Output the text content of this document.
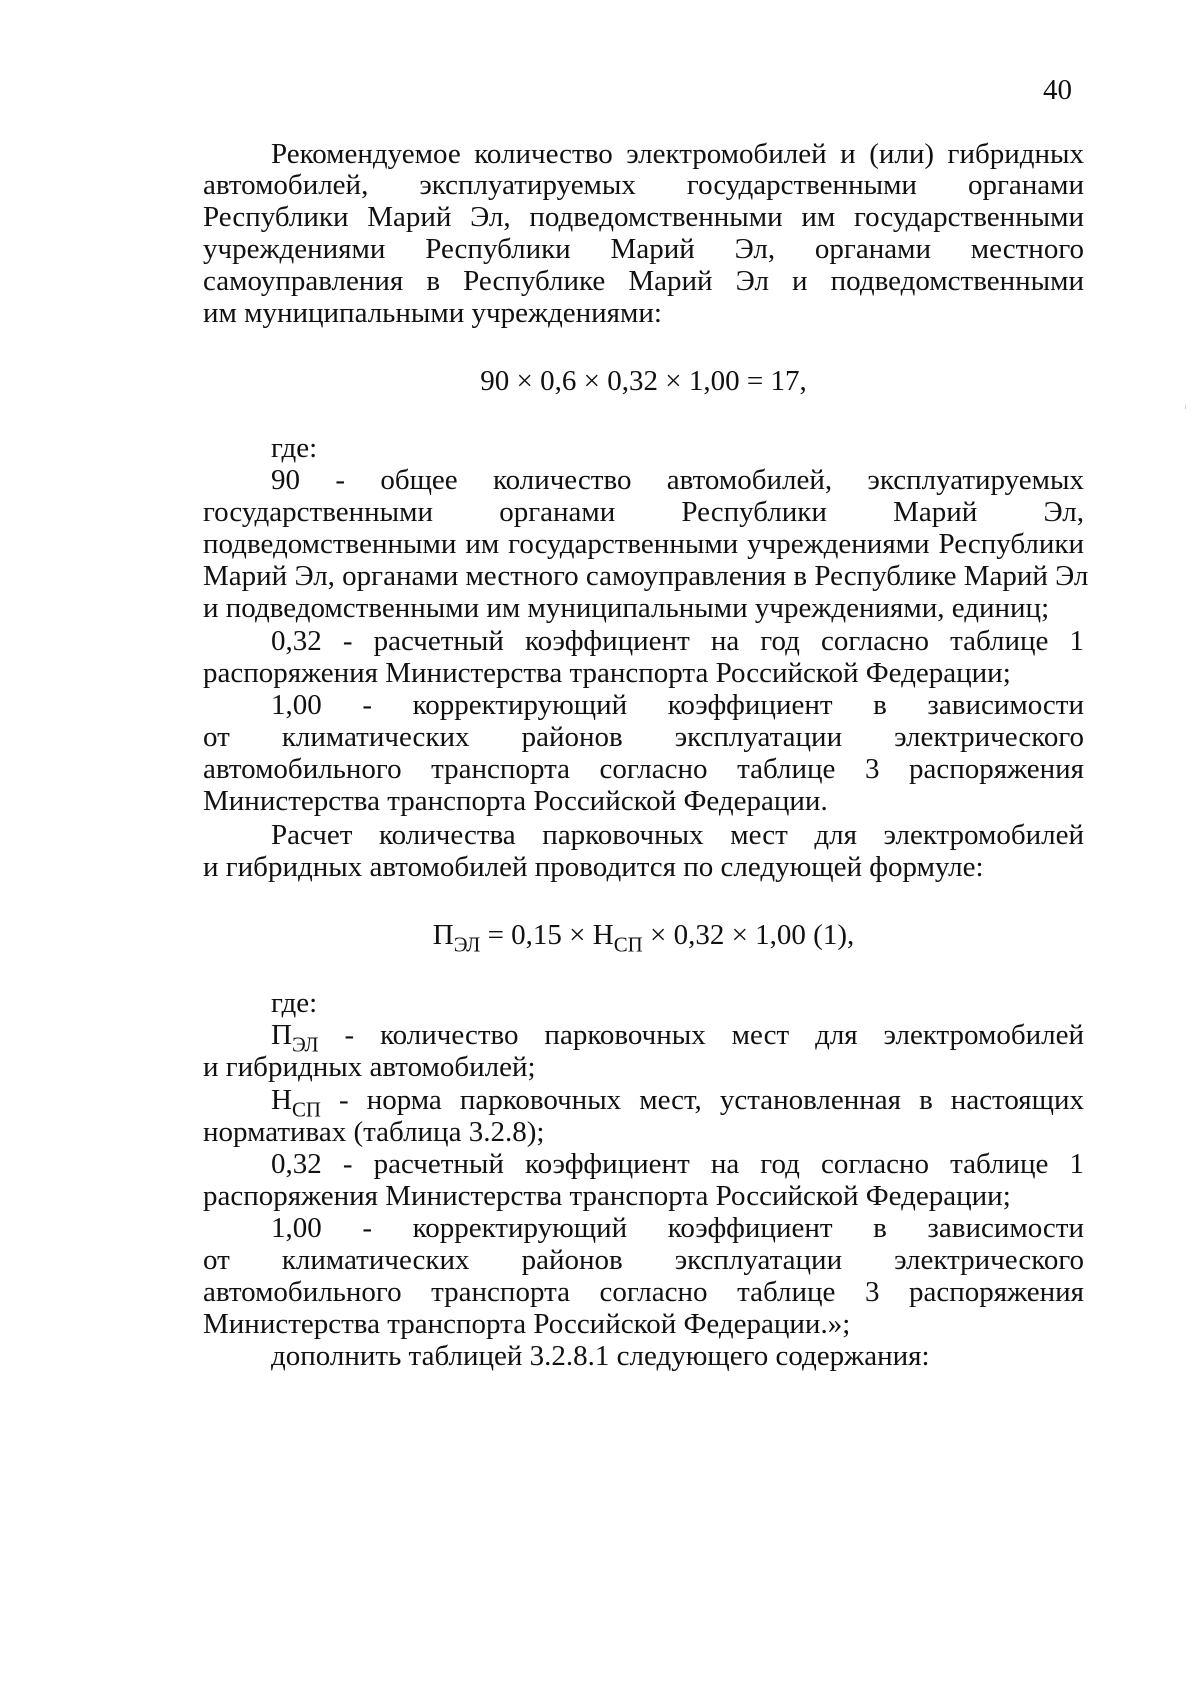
40
Рекомендуемое количество электромобилей и (или) гибридных
автомобилей, эксплуатируемых государственными органами
Республики Марий Эл, подведомственными им государственными
учреждениями Республики Марий Эл, органами местного
самоуправления в Республике Марий Эл и подведомственными
им муниципальными учреждениями:
90 × 0,6 × 0,32 × 1,00 = 17,
где:
90 - общее количество автомобилей, эксплуатируемых
государственными органами Республики Марий Эл,
подведомственными им государственными учреждениями Республики
Марий Эл, органами местного самоуправления в Республике Марий Эл
и подведомственными им муниципальными учреждениями, единиц;
0,32 - расчетный коэффициент на год согласно таблице 1
распоряжения Министерства транспорта Российской Федерации;
1,00 - корректирующий коэффициент в зависимости
от климатических районов эксплуатации электрического
автомобильного транспорта согласно таблице 3 распоряжения
Министерства транспорта Российской Федерации.
Расчет количества парковочных мест для электромобилей
и гибридных автомобилей проводится по следующей формуле:
$П_{ЭЛ} = 0,15 \times Н_{СП} \times 0,32 \times 1,00$ (1),
где:
$П_{ЭЛ}$ - количество парковочных мест для электромобилей
и гибридных автомобилей;
$Н_{СП}$ - норма парковочных мест, установленная в настоящих
нормативах (таблица 3.2.8);
0,32 - расчетный коэффициент на год согласно таблице 1
распоряжения Министерства транспорта Российской Федерации;
1,00 - корректирующий коэффициент в зависимости
от климатических районов эксплуатации электрического
автомобильного транспорта согласно таблице 3 распоряжения
Министерства транспорта Российской Федерации.»;
дополнить таблицей 3.2.8.1 следующего содержания:
